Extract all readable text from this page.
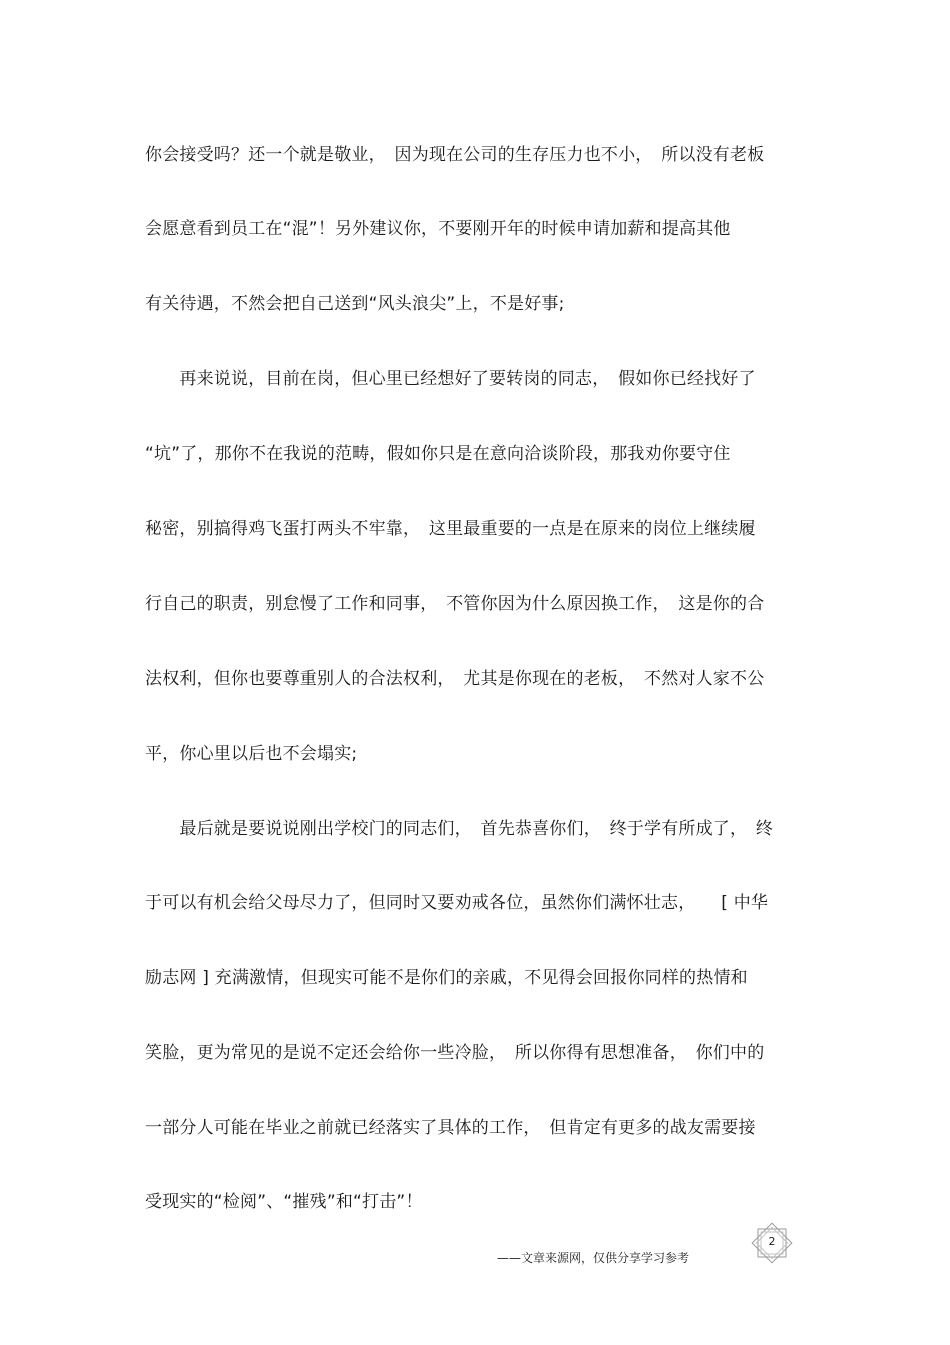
你会接受吗？还一个就是敬业，　因为现在公司的生存压力也不小，　所以没有老板
会愿意看到员工在“混”！另外建议你，不要刚开年的时候申请加薪和提高其他
有关待遇，不然会把自己送到“风头浪尖”上，不是好事;
　　再来说说，目前在岗，但心里已经想好了要转岗的同志，　假如你已经找好了
“坑”了，那你不在我说的范畴，假如你只是在意向洽谈阶段，那我劝你要守住
秘密，别搞得鸡飞蛋打两头不牢靠，　这里最重要的一点是在原来的岗位上继续履
行自己的职责，别怠慢了工作和同事，　不管你因为什么原因换工作，　这是你的合
法权利，但你也要尊重别人的合法权利，　尤其是你现在的老板，　不然对人家不公
平，你心里以后也不会塌实;
　　最后就是要说说刚出学校门的同志们，　首先恭喜你们，　终于学有所成了，　终
于可以有机会给父母尽力了，但同时又要劝戒各位，虽然你们满怀壮志，　　[ 中华
励志网 ] 充满激情，但现实可能不是你们的亲戚，不见得会回报你同样的热情和
笑脸，更为常见的是说不定还会给你一些冷脸，　所以你得有思想准备，　你们中的
一部分人可能在毕业之前就已经落实了具体的工作，　但肯定有更多的战友需要接
受现实的“检阅”、“摧残”和“打击”！
——文章来源网，仅供分享学习参考
2
